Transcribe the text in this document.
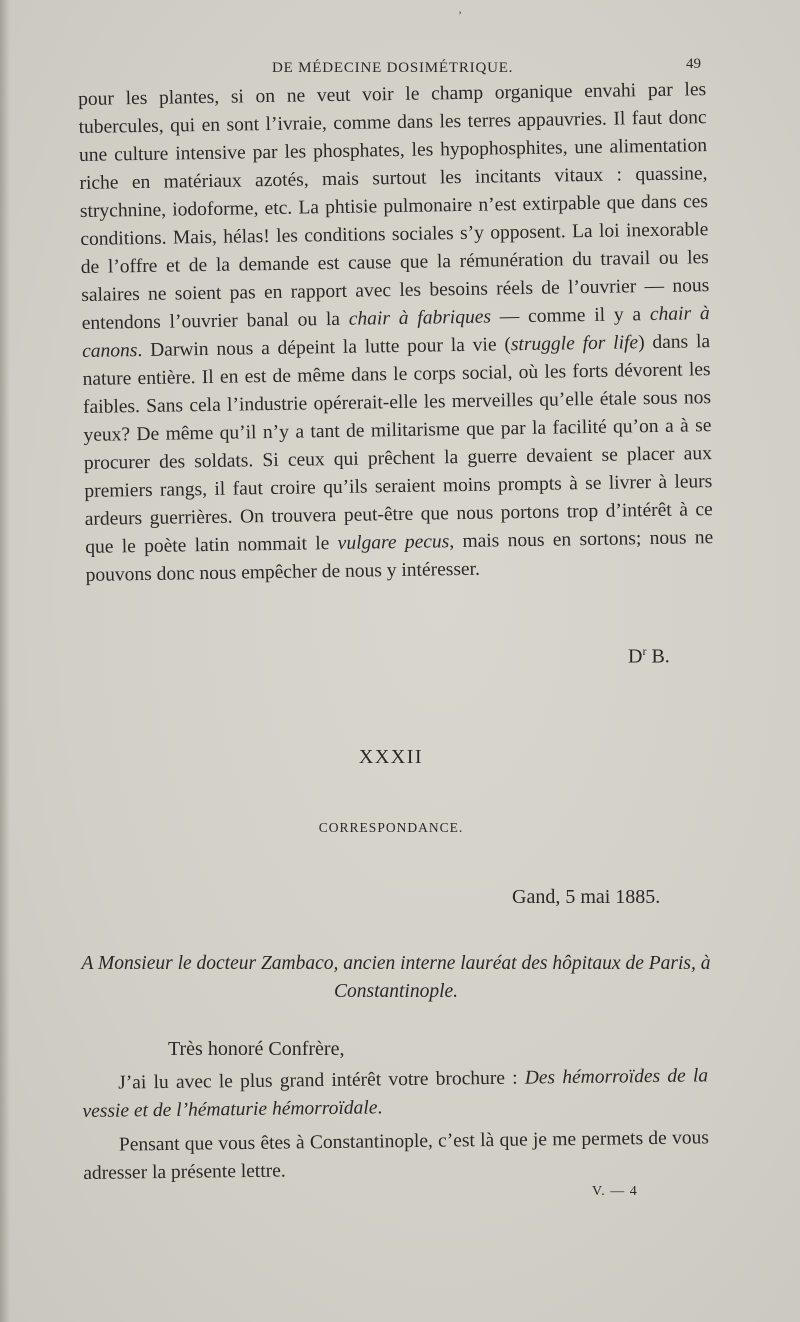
’
DE MÉDECINE DOSIMÉTRIQUE.	49

pour les plantes, si on ne veut voir le champ organique envahi par les tubercules, qui en sont l’ivraie, comme dans les terres appauvries. Il faut donc une culture intensive par les phosphates, les hypophosphites, une alimentation riche en matériaux azotés, mais surtout les incitants vitaux : quassine, strychnine, iodoforme, etc. La phtisie pulmonaire n’est extirpable que dans ces conditions. Mais, hélas! les conditions sociales s’y opposent. La loi inexorable de l’offre et de la demande est cause que la rémunération du travail ou les salaires ne soient pas en rapport avec les besoins réels de l’ouvrier — nous entendons l’ouvrier banal ou la chair à fabriques — comme il y a chair à canons. Darwin nous a dépeint la lutte pour la vie (struggle for life) dans la nature entière. Il en est de même dans le corps social, où les forts dévorent les faibles. Sans cela l’industrie opérerait-elle les merveilles qu’elle étale sous nos yeux? De même qu’il n’y a tant de militarisme que par la facilité qu’on a à se procurer des soldats. Si ceux qui prêchent la guerre devaient se placer aux premiers rangs, il faut croire qu’ils seraient moins prompts à se livrer à leurs ardeurs guerrières. On trouvera peut-être que nous portons trop d’intérêt à ce que le poète latin nommait le vulgare pecus, mais nous en sortons; nous ne pouvons donc nous empêcher de nous y intéresser.

$D^r$ B.
XXXII
CORRESPONDANCE.
Gand, 5 mai 1885.
A Monsieur le docteur Zambaco, ancien interne lauréat des hôpitaux de Paris, à Constantinople.
Très honoré Confrère,

J’ai lu avec le plus grand intérêt votre brochure : Des hémorroïdes de la vessie et de l’hématurie hémorroïdale.

Pensant que vous êtes à Constantinople, c’est là que je me permets de vous adresser la présente lettre.

V. — 4
